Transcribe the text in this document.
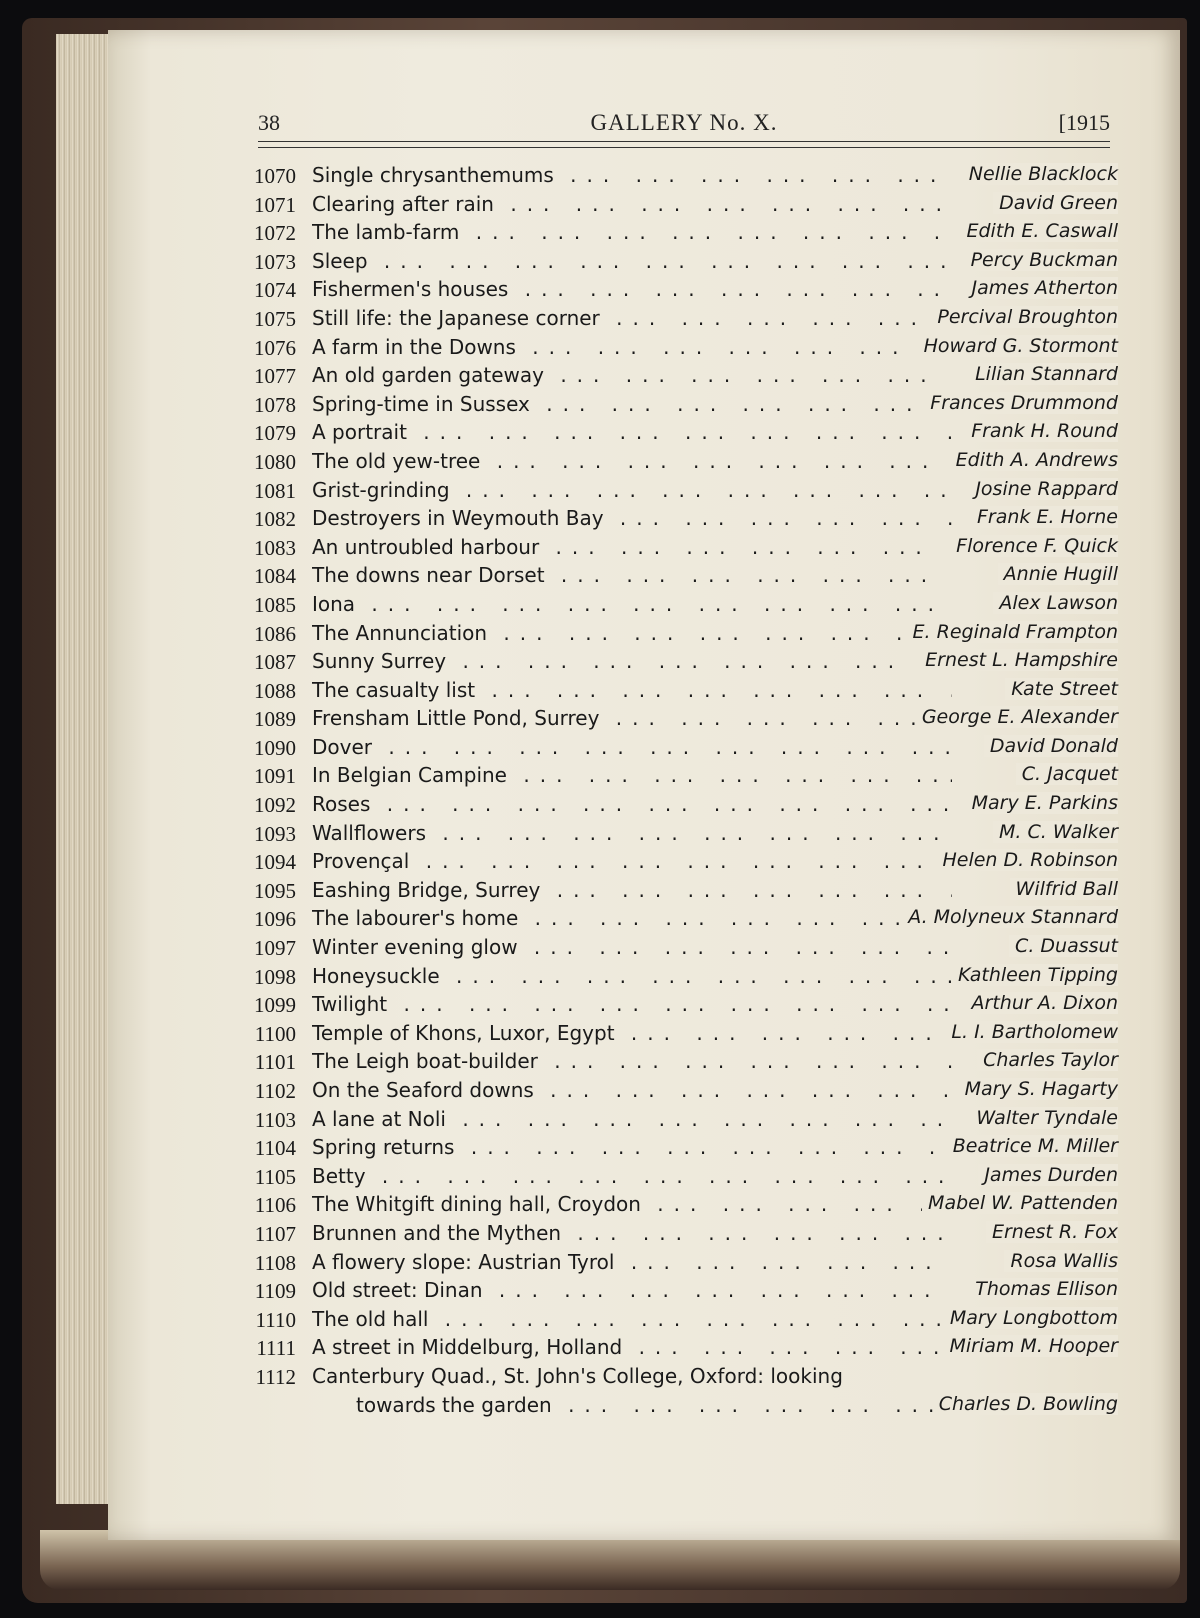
38	GALLERY No. X.	[1915
1070 Single chrysanthemums ... .	Nellie Blacklock
1071 Clearing after rain ... .	David Green
1072 The lamb-farm ... .	Edith E. Caswall
1073 Sleep ... .	Percy Buckman
1074 Fishermen's houses ... .	James Atherton
1075 Still life: the Japanese corner ... .	Percival Broughton
1076 A farm in the Downs ... .	Howard G. Stormont
1077 An old garden gateway ... .	Lilian Stannard
1078 Spring-time in Sussex ... .	Frances Drummond
1079 A portrait ... .	Frank H. Round
1080 The old yew-tree ... .	Edith A. Andrews
1081 Grist-grinding ... .	Josine Rappard
1082 Destroyers in Weymouth Bay ... .	Frank E. Horne
1083 An untroubled harbour ... .	Florence F. Quick
1084 The downs near Dorset ... .	Annie Hugill
1085 Iona ... .	Alex Lawson
1086 The Annunciation ... .	E. Reginald Frampton
1087 Sunny Surrey ... .	Ernest L. Hampshire
1088 The casualty list ... .	Kate Street
1089 Frensham Little Pond, Surrey ... .	George E. Alexander
1090 Dover ... .	David Donald
1091 In Belgian Campine ... .	C. Jacquet
1092 Roses ... .	Mary E. Parkins
1093 Wallflowers ... .	M. C. Walker
1094 Provençal ... .	Helen D. Robinson
1095 Eashing Bridge, Surrey ... .	Wilfrid Ball
1096 The labourer's home ... .	A. Molyneux Stannard
1097 Winter evening glow ... .	C. Duassut
1098 Honeysuckle ... .	Kathleen Tipping
1099 Twilight ... .	Arthur A. Dixon
1100 Temple of Khons, Luxor, Egypt ... .	L. I. Bartholomew
1101 The Leigh boat-builder ... .	Charles Taylor
1102 On the Seaford downs ... .	Mary S. Hagarty
1103 A lane at Noli ... .	Walter Tyndale
1104 Spring returns ... .	Beatrice M. Miller
1105 Betty ... .	James Durden
1106 The Whitgift dining hall, Croydon ... .	Mabel W. Pattenden
1107 Brunnen and the Mythen ... .	Ernest R. Fox
1108 A flowery slope: Austrian Tyrol ... .	Rosa Wallis
1109 Old street: Dinan ... .	Thomas Ellison
1110 The old hall ... .	Mary Longbottom
1111 A street in Middelburg, Holland ... .	Miriam M. Hooper
1112 Canterbury Quad., St. John's College, Oxford: looking
towards the garden ... .	Charles D. Bowling
